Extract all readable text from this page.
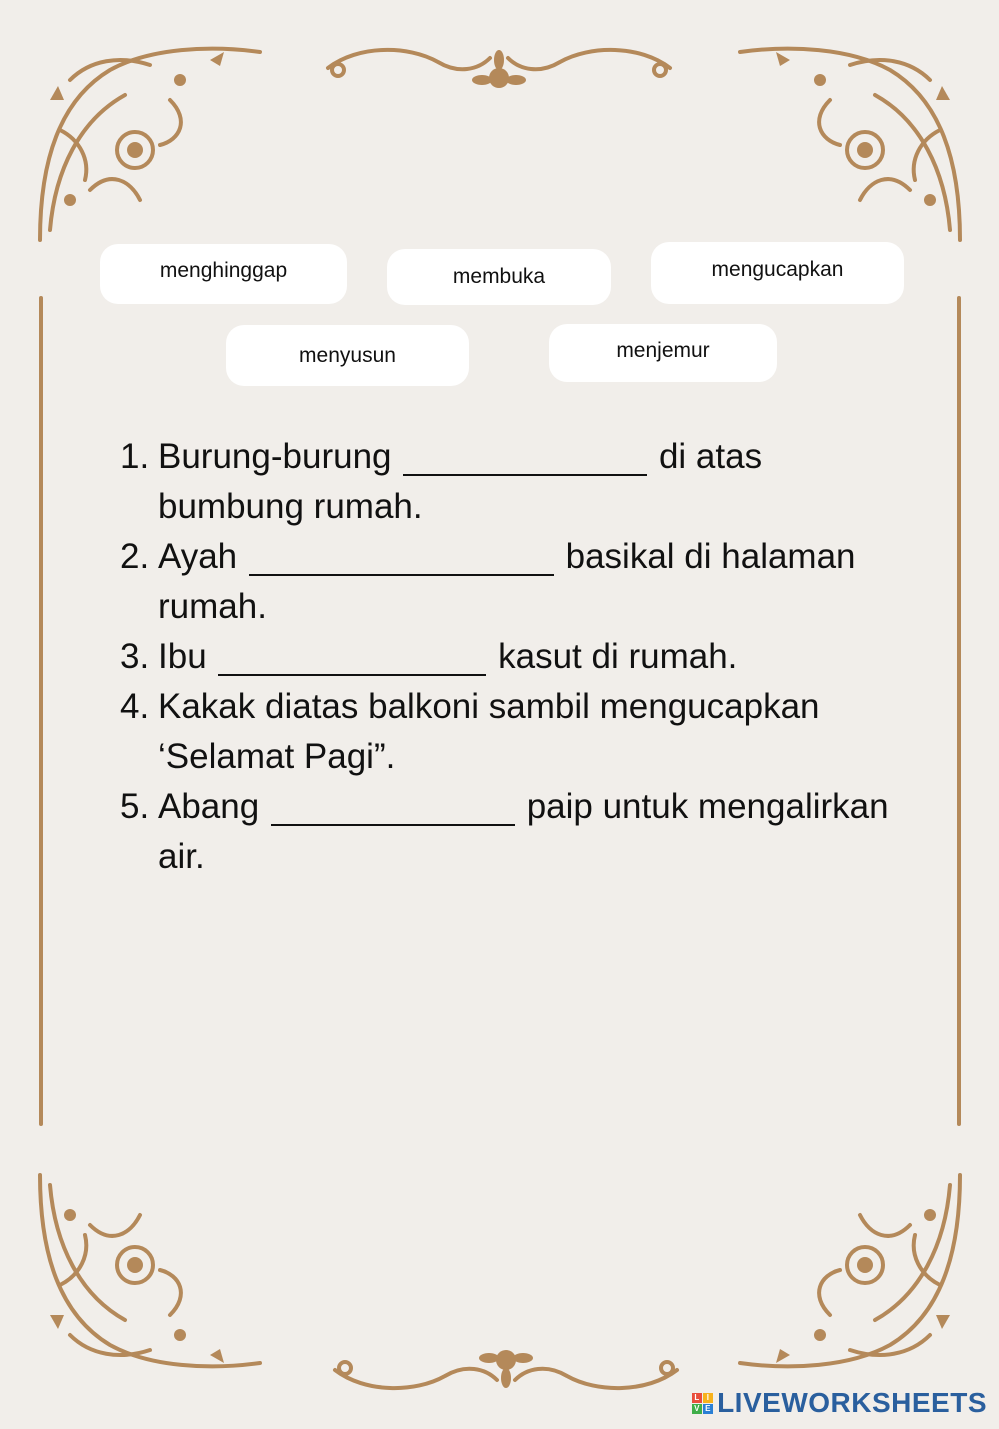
menghinggap	membuka	mengucapkan
menyusun	menjemur
1. Burung-burung	di atas bumbung rumah.
2. Ayah	basikal di halaman rumah.
3. Ibu	kasut di rumah.
4. Kakak diatas balkoni sambil mengucapkan ‘Selamat Pagi”.
5. Abang	paip untuk mengalirkan air.
L I
V E LIVEWORKSHEETS
